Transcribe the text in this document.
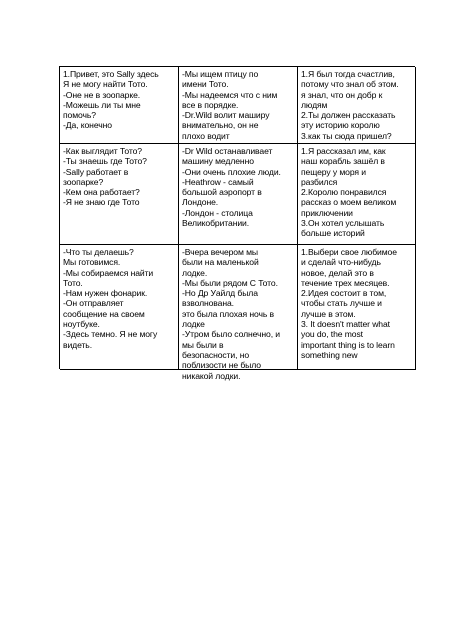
1.Привет, это Sally здесь
Я не могу найти Тото.
-Оне не в зоопарке.
-Можешь ли ты мне
помочь?
-Да, конечно
-Мы ищем птицу по
имени Тото.
-Мы надеемся что с ним
все в порядке.
-Dr.Wild волит маширу
внимательно, он не
плохо водит
1.Я был тогда счастлив,
потому что знал об этом.
я знал, что он добр к
людям
2.Ты должен рассказать
эту историю королю
3.как ты сюда пришел?
-Как выглядит Тото?
-Ты знаешь где Тото?
-Sally работает в
зоопарке?
-Кем она работает?
-Я не знаю где Тото
-Dr Wild останавливает
машину медленно
-Они очень плохие люди.
-Heathrow - самый
большой аэропорт в
Лондоне.
-Лондон - столица
Великобритании.
1.Я рассказал им, как
наш корабль зашёл в
пещеру у моря и
разбился
2.Королю понравился
рассказ о моем великом
приключении
3.Он хотел услышать
больше историй
-Что ты делаешь?
Мы готовимся.
-Мы собираемся найти
Тото.
-Нам нужен фонарик.
-Он отправляет
сообщение на своем
ноутбуке.
-Здесь темно. Я не могу
видеть.
-Вчера вечером мы
были на маленькой
лодке.
-Мы были рядом С Тото.
-Но Др Уайлд была
взволнована.
это была плохая ночь в
лодке
-Утром было солнечно, и
мы были в
безопасности, но
поблизости не было
никакой лодки.
1.Выбери свое любимое
и сделай что-нибудь
новое, делай это в
течение трех месяцев.
2.Идея состоит в том,
чтобы стать лучше и
лучше в этом.
3. It doesn't matter what
you do, the most
important thing is to learn
something new
